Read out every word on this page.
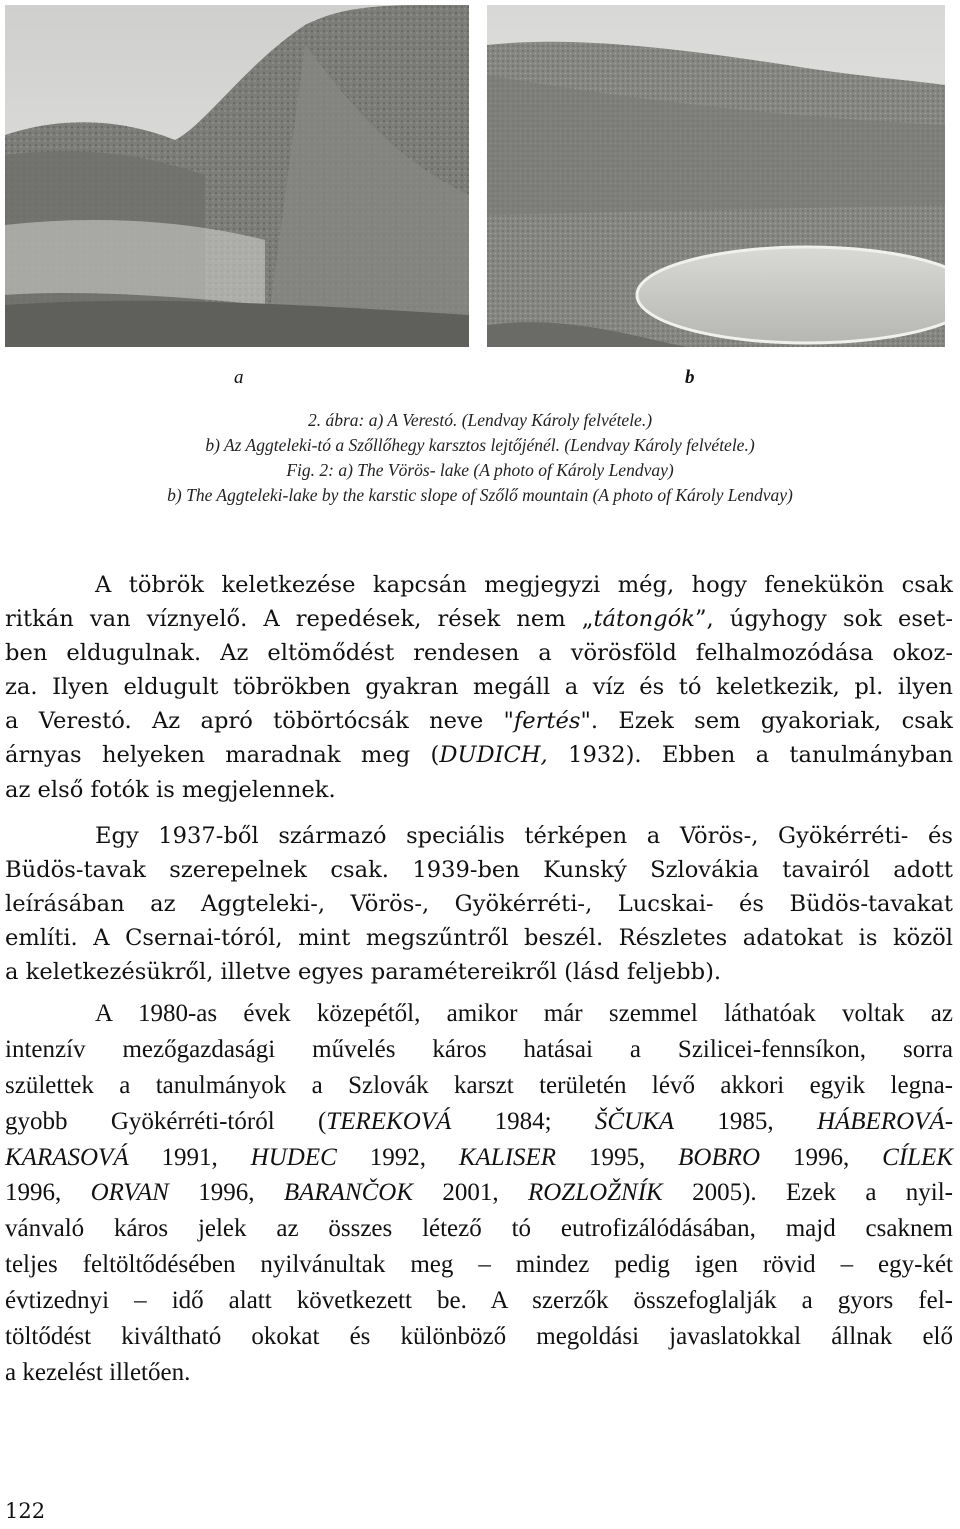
a	b
2. ábra: a) A Verestó. (Lendvay Károly felvétele.)
b) Az Aggteleki-tó a Szőllőhegy karsztos lejtőjénél. (Lendvay Károly felvétele.)
Fig. 2: a) The Vörös- lake (A photo of Károly Lendvay)
b) The Aggteleki-lake by the karstic slope of Szőlő mountain (A photo of Károly Lendvay)
A töbrök keletkezése kapcsán megjegyzi még, hogy fenekükön csak
ritkán van víznyelő. A repedések, rések nem „tátongók”, úgyhogy sok eset-
ben eldugulnak. Az eltömődést rendesen a vörösföld felhalmozódása okoz-
za. Ilyen eldugult töbrökben gyakran megáll a víz és tó keletkezik, pl. ilyen
a Verestó. Az apró töbörtócsák neve "fertés". Ezek sem gyakoriak, csak
árnyas helyeken maradnak meg (DUDICH, 1932). Ebben a tanulmányban
az első fotók is megjelennek.
Egy 1937-ből származó speciális térképen a Vörös-, Gyökérréti- és
Büdös-tavak szerepelnek csak. 1939-ben Kunský Szlovákia tavairól adott
leírásában az Aggteleki-, Vörös-, Gyökérréti-, Lucskai- és Büdös-tavakat
említi. A Csernai-tóról, mint megszűntről beszél. Részletes adatokat is közöl
a keletkezésükről, illetve egyes paramétereikről (lásd feljebb).
A 1980-as évek közepétől, amikor már szemmel láthatóak voltak az
intenzív mezőgazdasági művelés káros hatásai a Szilicei-fennsíkon, sorra
születtek a tanulmányok a Szlovák karszt területén lévő akkori egyik legna-
gyobb Gyökérréti-tóról (TEREKOVÁ 1984; ŠČUKA 1985, HÁBEROVÁ-
KARASOVÁ 1991, HUDEC 1992, KALISER 1995, BOBRO 1996, CÍLEK
1996, ORVAN 1996, BARANČOK 2001, ROZLOŽNÍK 2005). Ezek a nyil-
vánvaló káros jelek az összes létező tó eutrofizálódásában, majd csaknem
teljes feltöltődésében nyilvánultak meg – mindez pedig igen rövid – egy-két
évtizednyi – idő alatt következett be. A szerzők összefoglalják a gyors fel-
töltődést kiváltható okokat és különböző megoldási javaslatokkal állnak elő
a kezelést illetően.
122
